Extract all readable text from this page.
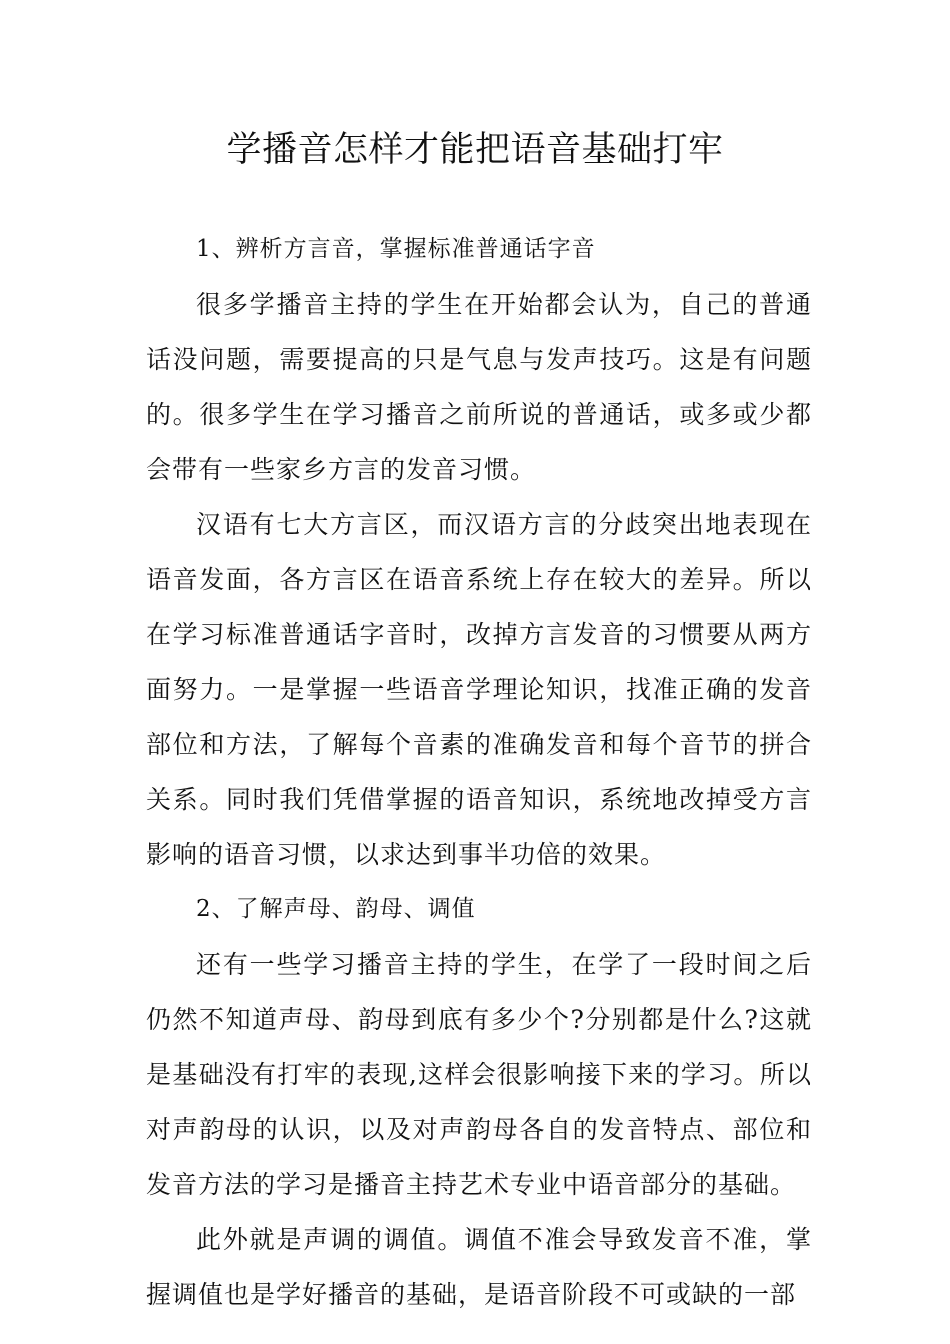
学播音怎样才能把语音基础打牢

1、辨析方言音，掌握标准普通话字音

很多学播音主持的学生在开始都会认为，自己的普通话没问题，需要提高的只是气息与发声技巧。这是有问题的。很多学生在学习播音之前所说的普通话，或多或少都会带有一些家乡方言的发音习惯。

汉语有七大方言区，而汉语方言的分歧突出地表现在语音发面，各方言区在语音系统上存在较大的差异。所以在学习标准普通话字音时，改掉方言发音的习惯要从两方面努力。一是掌握一些语音学理论知识，找准正确的发音部位和方法，了解每个音素的准确发音和每个音节的拼合关系。同时我们凭借掌握的语音知识，系统地改掉受方言影响的语音习惯，以求达到事半功倍的效果。

2、了解声母、韵母、调值

还有一些学习播音主持的学生，在学了一段时间之后仍然不知道声母、韵母到底有多少个?分别都是什么?这就是基础没有打牢的表现,这样会很影响接下来的学习。所以对声韵母的认识，以及对声韵母各自的发音特点、部位和发音方法的学习是播音主持艺术专业中语音部分的基础。

此外就是声调的调值。调值不准会导致发音不准，掌握调值也是学好播音的基础，是语音阶段不可或缺的一部
